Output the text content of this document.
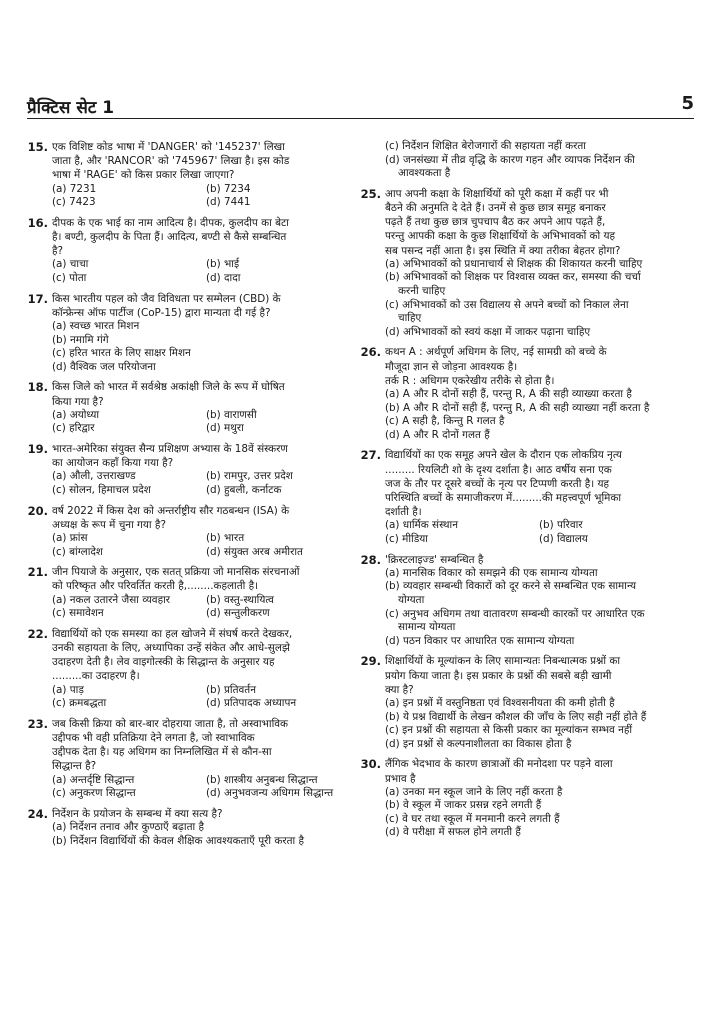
प्रैक्टिस सेट 1	5
15. एक विशिष्ट कोड भाषा में 'DANGER' को '145237' लिखा

जाता है, और 'RANCOR' को '745967' लिखा है। इस कोड

भाषा में 'RAGE' को किस प्रकार लिखा जाएगा?

(a) 7231	(b) 7234
(c) 7423	(d) 7441
16. दीपक के एक भाई का नाम आदित्य है। दीपक, कुलदीप का बेटा

है। बण्टी, कुलदीप के पिता हैं। आदित्य, बण्टी से कैसे सम्बन्धित

है?

(a) चाचा	(b) भाई
(c) पोता	(d) दादा
17. किस भारतीय पहल को जैव विविधता पर सम्मेलन (CBD) के

कॉन्फ्रेन्स ऑफ पार्टीज (CoP-15) द्वारा मान्यता दी गई है?

(a) स्वच्छ भारत मिशन
(b) नमामि गंगे
(c) हरित भारत के लिए साक्षर मिशन
(d) वैश्विक जल परियोजना
18. किस जिले को भारत में सर्वश्रेष्ठ अकांक्षी जिले के रूप में घोषित

किया गया है?

(a) अयोध्या	(b) वाराणसी
(c) हरिद्वार	(d) मथुरा
19. भारत-अमेरिका संयुक्त सैन्य प्रशिक्षण अभ्यास के 18वें संस्करण

का आयोजन कहाँ किया गया है?

(a) औली, उत्तराखण्ड	(b) रामपुर, उत्तर प्रदेश
(c) सोलन, हिमाचल प्रदेश	(d) हुबली, कर्नाटक
20. वर्ष 2022 में किस देश को अन्तर्राष्ट्रीय सौर गठबन्धन (ISA) के

अध्यक्ष के रूप में चुना गया है?

(a) फ्रांस	(b) भारत
(c) बांग्लादेश	(d) संयुक्त अरब अमीरात
21. जीन पियाजे के अनुसार, एक सतत् प्रक्रिया जो मानसिक संरचनाओं

को परिष्कृत और परिवर्तित करती है,........कहलाती है।

(a) नकल उतारने जैसा व्यवहार	(b) वस्तु-स्थायित्व
(c) समावेशन	(d) सन्तुलीकरण
22. विद्यार्थियों को एक समस्या का हल खोजने में संघर्ष करते देखकर,

उनकी सहायता के लिए, अध्यापिका उन्हें संकेत और आधे-सुलझे

उदाहरण देती है। लेव वाइगोत्स्की के सिद्धान्त के अनुसार यह

.........का उदाहरण है।

(a) पाड़	(b) प्रतिवर्तन
(c) क्रमबद्धता	(d) प्रतिपादक अध्यापन
23. जब किसी क्रिया को बार-बार दोहराया जाता है, तो अस्वाभाविक

उद्दीपक भी वही प्रतिक्रिया देने लगता है, जो स्वाभाविक

उद्दीपक देता है। यह अधिगम का निम्नलिखित में से कौन-सा

सिद्धान्त है?

(a) अन्तर्दृष्टि सिद्धान्त	(b) शास्त्रीय अनुबन्ध सिद्धान्त
(c) अनुकरण सिद्धान्त	(d) अनुभवजन्य अधिगम सिद्धान्त
24. निर्देशन के प्रयोजन के सम्बन्ध में क्या सत्य है?

(a) निर्देशन तनाव और कुण्ठाएँ बढ़ाता है
(b) निर्देशन विद्यार्थियों की केवल शैक्षिक आवश्यकताएँ पूरी करता है
(c) निर्देशन शिक्षित बेरोजगारों की सहायता नहीं करता
(d) जनसंख्या में तीव्र वृद्धि के कारण गहन और व्यापक निर्देशन की
आवश्यकता है
25. आप अपनी कक्षा के शिक्षार्थियों को पूरी कक्षा में कहीं पर भी

बैठने की अनुमति दे देते हैं। उनमें से कुछ छात्र समूह बनाकर

पढ़ते हैं तथा कुछ छात्र चुपचाप बैठ कर अपने आप पढ़ते हैं,

परन्तु आपकी कक्षा के कुछ शिक्षार्थियों के अभिभावकों को यह

सब पसन्द नहीं आता है। इस स्थिति में क्या तरीका बेहतर होगा?

(a) अभिभावकों को प्रधानाचार्य से शिक्षक की शिकायत करनी चाहिए
(b) अभिभावकों को शिक्षक पर विश्वास व्यक्त कर, समस्या की चर्चा
करनी चाहिए
(c) अभिभावकों को उस विद्यालय से अपने बच्चों को निकाल लेना
चाहिए
(d) अभिभावकों को स्वयं कक्षा में जाकर पढ़ाना चाहिए
26. कथन A : अर्थपूर्ण अधिगम के लिए, नई सामग्री को बच्चे के

मौजूदा ज्ञान से जोड़ना आवश्यक है।

तर्क R : अधिगम एकरेखीय तरीके से होता है।

(a) A और R दोनों सही हैं, परन्तु R, A की सही व्याख्या करता है
(b) A और R दोनों सही हैं, परन्तु R, A की सही व्याख्या नहीं करता है
(c) A सही है, किन्तु R गलत है
(d) A और R दोनों गलत हैं
27. विद्यार्थियों का एक समूह अपने खेल के दौरान एक लोकप्रिय नृत्य

......... रियलिटी शो के दृश्य दर्शाता है। आठ वर्षीय सना एक

जज के तौर पर दूसरे बच्चों के नृत्य पर टिप्पणी करती है। यह

परिस्थिति बच्चों के समाजीकरण में.........की महत्त्वपूर्ण भूमिका

दर्शाती है।

(a) धार्मिक संस्थान	(b) परिवार
(c) मीडिया	(d) विद्यालय
28. 'क्रिस्टलाइज्ड' सम्बन्धित है

(a) मानसिक विकार को समझने की एक सामान्य योग्यता
(b) व्यवहार सम्बन्धी विकारों को दूर करने से सम्बन्धित एक सामान्य
योग्यता
(c) अनुभव अधिगम तथा वातावरण सम्बन्धी कारकों पर आधारित एक
सामान्य योग्यता
(d) पठन विकार पर आधारित एक सामान्य योग्यता
29. शिक्षार्थियों के मूल्यांकन के लिए सामान्यतः निबन्धात्मक प्रश्नों का

प्रयोग किया जाता है। इस प्रकार के प्रश्नों की सबसे बड़ी खामी

क्या है?

(a) इन प्रश्नों में वस्तुनिष्ठता एवं विश्वसनीयता की कमी होती है
(b) ये प्रश्न विद्यार्थी के लेखन कौशल की जाँच के लिए सही नहीं होते हैं
(c) इन प्रश्नों की सहायता से किसी प्रकार का मूल्यांकन सम्भव नहीं
(d) इन प्रश्नों से कल्पनाशीलता का विकास होता है
30. लैंगिक भेदभाव के कारण छात्राओं की मनोदशा पर पड़ने वाला

प्रभाव है

(a) उनका मन स्कूल जाने के लिए नहीं करता है
(b) वे स्कूल में जाकर प्रसन्न रहने लगती हैं
(c) वे घर तथा स्कूल में मनमानी करने लगती हैं
(d) वे परीक्षा में सफल होने लगती हैं
